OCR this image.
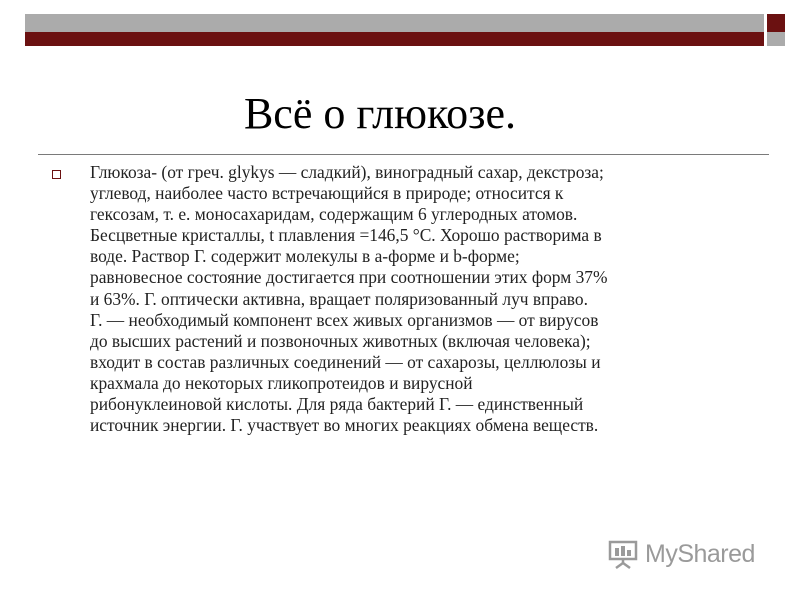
Всё о глюкозе.
Глюкоза- (от греч. glykys — сладкий), виноградный сахар, декстроза;
углевод, наиболее часто встречающийся в природе; относится к
гексозам, т. е. моносахаридам, содержащим 6 углеродных атомов.
Бесцветные кристаллы, t плавления =146,5 °С. Хорошо растворима в
воде. Раствор Г. содержит молекулы в а-форме и b-форме;
равновесное состояние достигается при соотношении этих форм 37%
и 63%. Г. оптически активна, вращает поляризованный луч вправо.
Г. — необходимый компонент всех живых организмов — от вирусов
до высших растений и позвоночных животных (включая человека);
входит в состав различных соединений — от сахарозы, целлюлозы и
крахмала до некоторых гликопротеидов и вирусной
рибонуклеиновой кислоты. Для ряда бактерий Г. — единственный
источник энергии. Г. участвует во многих реакциях обмена веществ.
MyShared
